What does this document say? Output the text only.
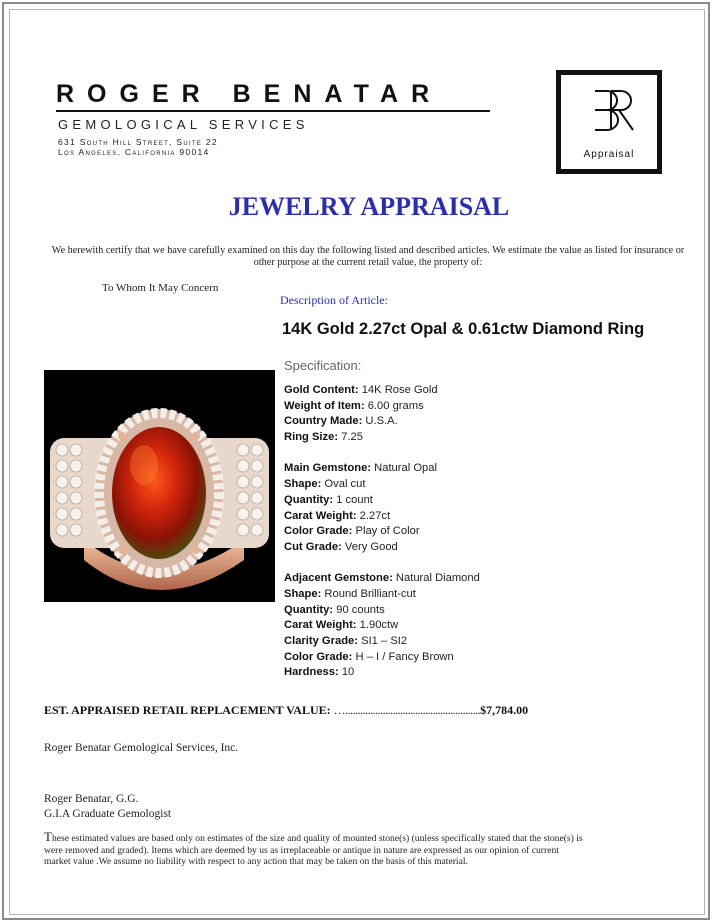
ROGER BENATAR
GEMOLOGICAL SERVICES
631 South Hill Street, Suite 22
Los Angeles, California 90014	Appraisal
JEWELRY APPRAISAL
We herewith certify that we have carefully examined on this day the following listed and described articles. We estimate the value as listed for insurance or other purpose at the current retail value, the property of:
To Whom It May Concern
Description of Article:
14K Gold 2.27ct Opal & 0.61ctw Diamond Ring
Specification:
Gold Content: 14K Rose Gold
Weight of Item: 6.00 grams
Country Made: U.S.A.
Ring Size: 7.25
Main Gemstone: Natural Opal
Shape: Oval cut
Quantity: 1 count
Carat Weight: 2.27ct
Color Grade: Play of Color
Cut Grade: Very Good
Adjacent Gemstone: Natural Diamond
Shape: Round Brilliant-cut
Quantity: 90 counts
Carat Weight: 1.90ctw
Clarity Grade: SI1 – SI2
Color Grade: H – I / Fancy Brown
Hardness: 10
EST. APPRAISED RETAIL REPLACEMENT VALUE: …......................................................$7,784.00
Roger Benatar Gemological Services, Inc.
Roger Benatar, G.G.
G.I.A Graduate Gemologist
These estimated values are based only on estimates of the size and quality of mounted stone(s) (unless specifically stated that the stone(s) is were removed and graded). Items which are deemed by us as irreplaceable or antique in nature are expressed as our opinion of current market value .We assume no liability with respect to any action that may be taken on the basis of this material.
